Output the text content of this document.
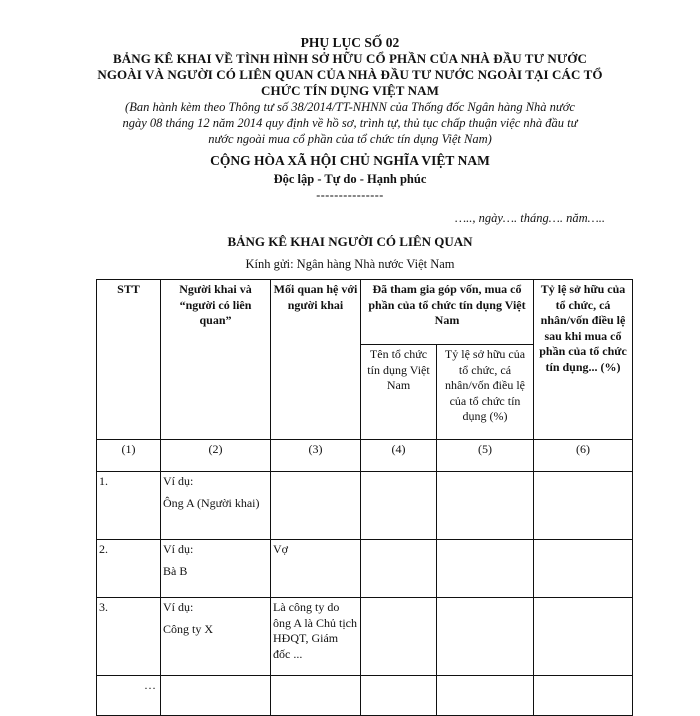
PHỤ LỤC SỐ 02
BẢNG KÊ KHAI VỀ TÌNH HÌNH SỞ HỮU CỔ PHẦN CỦA NHÀ ĐẦU TƯ NƯỚC
NGOÀI VÀ NGƯỜI CÓ LIÊN QUAN CỦA NHÀ ĐẦU TƯ NƯỚC NGOÀI TẠI CÁC TỔ
CHỨC TÍN DỤNG VIỆT NAM
(Ban hành kèm theo Thông tư số 38/2014/TT-NHNN của Thống đốc Ngân hàng Nhà nước
ngày 08 tháng 12 năm 2014 quy định về hồ sơ, trình tự, thủ tục chấp thuận việc nhà đầu tư
nước ngoài mua cổ phần của tổ chức tín dụng Việt Nam)
CỘNG HÒA XÃ HỘI CHỦ NGHĨA VIỆT NAM
Độc lập - Tự do - Hạnh phúc
---------------
….., ngày…. tháng…. năm…..
BẢNG KÊ KHAI NGƯỜI CÓ LIÊN QUAN
Kính gửi: Ngân hàng Nhà nước Việt Nam
STT	Người khai và “người có liên quan”	Mối quan hệ với người khai	Đã tham gia góp vốn, mua cổ phần của tổ chức tín dụng Việt Nam		Tỷ lệ sở hữu của tổ chức, cá nhân/vốn điều lệ sau khi mua cổ phần của tổ chức tín dụng... (%)
			Tên tổ chức tín dụng Việt Nam	Tỷ lệ sở hữu của tổ chức, cá nhân/vốn điều lệ của tổ chức tín dụng (%)	
(1)	(2)	(3)	(4)	(5)	(6)
1.	Ví dụ:
Ông A (Người khai)				

2.	Ví dụ:
Bà B	Vợ			
3.	Ví dụ:
Công ty X	Là công ty do ông A là Chủ tịch HĐQT, Giám đốc ...			
…					
